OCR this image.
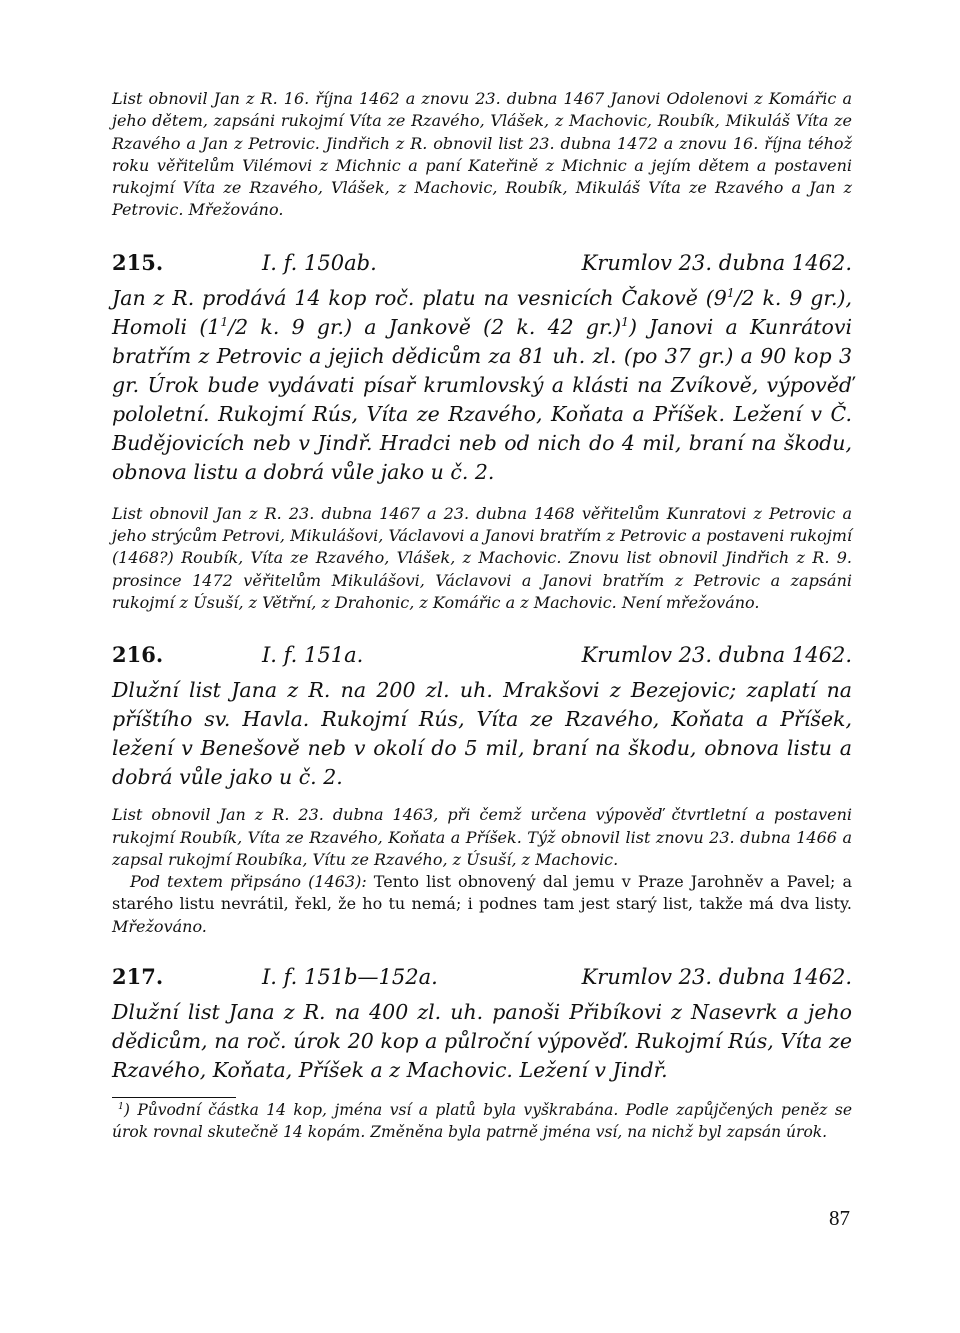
List obnovil Jan z R. 16. října 1462 a znovu 23. dubna 1467 Janovi Odolenovi z Komářic a jeho dětem, zapsáni rukojmí Víta ze Rzavého, Vlášek, z Machovic, Roubík, Mikuláš Víta ze Rzavého a Jan z Petrovic. Jindřich z R. obnovil list 23. dubna 1472 a znovu 16. října téhož roku věřitelům Vilémovi z Michnic a paní Kateřině z Michnic a jejím dětem a postaveni rukojmí Víta ze Rzavého, Vlášek, z Machovic, Roubík, Mikuláš Víta ze Rzavého a Jan z Petrovic. Mřežováno.

215.	I. f. 150ab.	Krumlov 23. dubna 1462.

Jan z R. prodává 14 kop roč. platu na vesnicích Čakově ($9^1/2$ k. 9 gr.), Homoli ($1^1/2$ k. 9 gr.) a Jankově (2 k. 42 gr.)$^1$) Janovi a Kunrátovi bratřím z Petrovic a jejich dědicům za 81 uh. zl. (po 37 gr.) a 90 kop 3 gr. Úrok bude vydávati písař krumlovský a klásti na Zvíkově, výpověď pololetní. Rukojmí Rús, Víta ze Rzavého, Koňata a Příšek. Ležení v Č. Budějovicích neb v Jindř. Hradci neb od nich do 4 mil, braní na škodu, obnova listu a dobrá vůle jako u č. 2.

List obnovil Jan z R. 23. dubna 1467 a 23. dubna 1468 věřitelům Kunratovi z Petrovic a jeho strýcům Petrovi, Mikulášovi, Václavovi a Janovi bratřím z Petrovic a postaveni rukojmí (1468?) Roubík, Víta ze Rzavého, Vlášek, z Machovic. Znovu list obnovil Jindřich z R. 9. prosince 1472 věřitelům Mikulášovi, Václavovi a Janovi bratřím z Petrovic a zapsáni rukojmí z Úsuší, z Větřní, z Drahonic, z Komářic a z Machovic. Není mřežováno.

216.	I. f. 151a.	Krumlov 23. dubna 1462.

Dlužní list Jana z R. na 200 zl. uh. Mrakšovi z Bezejovic; zaplatí na příštího sv. Havla. Rukojmí Rús, Víta ze Rzavého, Koňata a Příšek, ležení v Benešově neb v okolí do 5 mil, braní na škodu, obnova listu a dobrá vůle jako u č. 2.

List obnovil Jan z R. 23. dubna 1463, při čemž určena výpověď čtvrtletní a postaveni rukojmí Roubík, Víta ze Rzavého, Koňata a Příšek. Týž obnovil list znovu 23. dubna 1466 a zapsal rukojmí Roubíka, Vítu ze Rzavého, z Úsuší, z Machovic.

Pod textem připsáno (1463): Tento list obnovený dal jemu v Praze Jarohněv a Pavel; a starého listu nevrátil, řekl, že ho tu nemá; i podnes tam jest starý list, takže má dva listy. Mřežováno.

217.	I. f. 151b—152a.	Krumlov 23. dubna 1462.

Dlužní list Jana z R. na 400 zl. uh. panoši Přibíkovi z Nasevrk a jeho dědicům, na roč. úrok 20 kop a půlroční výpověď. Rukojmí Rús, Víta ze Rzavého, Koňata, Příšek a z Machovic. Ležení v Jindř.

$^1$) Původní částka 14 kop, jména vsí a platů byla vyškrabána. Podle zapůjčených peněz se úrok rovnal skutečně 14 kopám. Změněna byla patrně jména vsí, na nichž byl zapsán úrok.

87
